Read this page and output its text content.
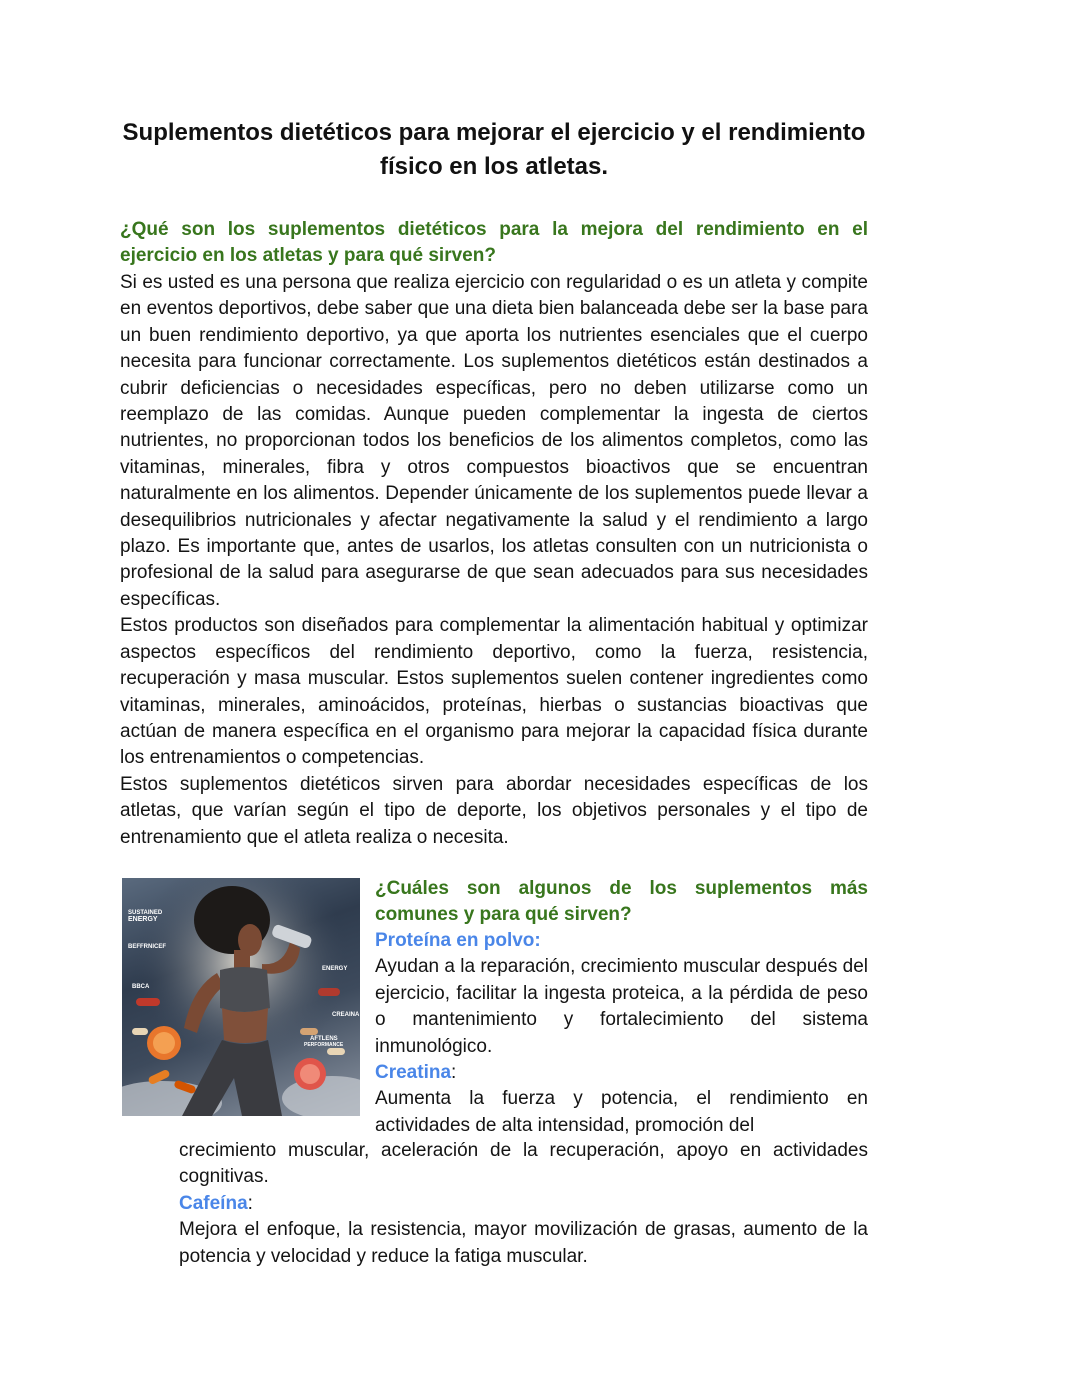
Suplementos dietéticos para mejorar el ejercicio y el rendimiento físico en los atletas.
¿Qué son los suplementos dietéticos para la mejora del rendimiento en el ejercicio en los atletas y para qué sirven?

Si es usted es una persona que realiza ejercicio con regularidad o es un atleta y compite en eventos deportivos, debe saber que una dieta bien balanceada debe ser la base para un buen rendimiento deportivo, ya que aporta los nutrientes esenciales que el cuerpo necesita para funcionar correctamente. Los suplementos dietéticos están destinados a cubrir deficiencias o necesidades específicas, pero no deben utilizarse como un reemplazo de las comidas. Aunque pueden complementar la ingesta de ciertos nutrientes, no proporcionan todos los beneficios de los alimentos completos, como las vitaminas, minerales, fibra y otros compuestos bioactivos que se encuentran naturalmente en los alimentos. Depender únicamente de los suplementos puede llevar a desequilibrios nutricionales y afectar negativamente la salud y el rendimiento a largo plazo. Es importante que, antes de usarlos, los atletas consulten con un nutricionista o profesional de la salud para asegurarse de que sean adecuados para sus necesidades específicas.

Estos productos son diseñados para complementar la alimentación habitual y optimizar aspectos específicos del rendimiento deportivo, como la fuerza, resistencia, recuperación y masa muscular. Estos suplementos suelen contener ingredientes como vitaminas, minerales, aminoácidos, proteínas, hierbas o sustancias bioactivas que actúan de manera específica en el organismo para mejorar la capacidad física durante los entrenamientos o competencias.

Estos suplementos dietéticos sirven para abordar necesidades específicas de los atletas, que varían según el tipo de deporte, los objetivos personales y el tipo de entrenamiento que el atleta realiza o necesita.

SUSTAINED
ENERGY
BEFFRNICEF
BBCA
ENERGY
CREAINA
AFTLENS
PERFORMANCE
¿Cuáles son algunos de los suplementos más comunes y para qué sirven?
Proteína en polvo:

Ayudan a la reparación, crecimiento muscular después del ejercicio, facilitar la ingesta proteica, a la pérdida de peso o mantenimiento y fortalecimiento del sistema inmunológico.

Creatina:

Aumenta la fuerza y potencia, el rendimiento en actividades de alta intensidad, promoción del

crecimiento muscular, aceleración de la recuperación, apoyo en actividades cognitivas.

Cafeína:

Mejora el enfoque, la resistencia, mayor movilización de grasas, aumento de la potencia y velocidad y reduce la fatiga muscular.
